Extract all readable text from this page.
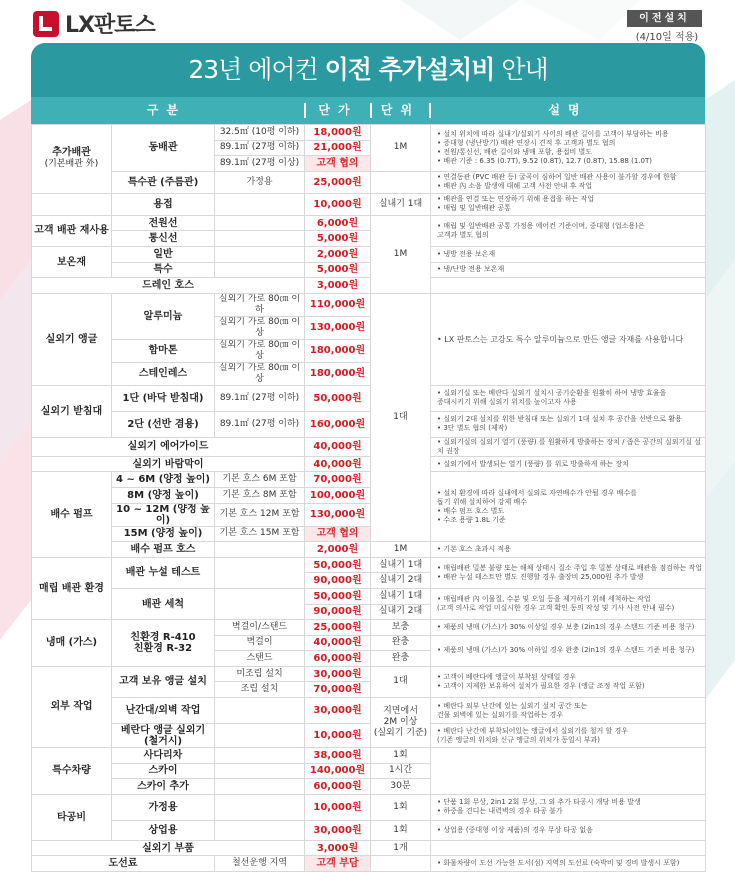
LX판토스	이전설치
(4/10일 적용)
23년 에어컨 이전 추가설치비 안내
구분	단가	단위	설명
추가배관
(기본배관 外)	동배관	32.5㎡ (10평 이하)	18,000원	1M	• 설치 위치에 따라 실내기/실외기 사이의 배관 길이를 고객이 부담하는 비용
• 증대형 (냉난방기) 배관 연장시 견적 후 고객과 별도 협의
• 전원/통신선, 배관 길이와 냉매 포함, 용접비 별도
• 배관 기준 : 6.35 (0.7T), 9.52 (0.8T), 12.7 (0.8T), 15.88 (1.0T)
		89.1㎡ (27평 이하)	21,000원		
		89.1㎡ (27평 이상)	고객 협의		
	특수관 (주름관)	가정용	25,000원		• 연결동관 (PVC 배관 등) 굴곡이 심하여 일반 배관 사용이 불가할 경우에 한함
• 배관 內 소음 발생에 대해 고객 사전 안내 후 작업
	용접		10,000원	실내기 1대	• 배관을 연결 또는 연장하기 위해 용접을 하는 작업
• 매립 및 일반배관 공통
고객 배관 재사용	전원선		6,000원	1M	• 매립 및 일반배관 공통 가정용 에어컨 기준이며, 중대형 (업소용)은
고객과 별도 협의
	통신선		5,000원		
보온재	일반		2,000원		• 냉방 전용 보온재
	특수		5,000원		• 냉/난방 전용 보온재
드레인 호스			3,000원		
실외기 앵글	알루미늄	실외기 가로 80㎝ 이하	110,000원	1대	• LX 판토스는 고강도 특수 알루미늄으로 만든 앵글 자재를 사용합니다
		실외기 가로 80㎝ 이상	130,000원		
	함마톤	실외기 가로 80㎝ 이상	180,000원		
	스테인레스	실외기 가로 80㎝ 이상	180,000원		
실외기 받침대	1단 (바닥 받침대)	89.1㎡ (27평 이하)	50,000원		• 실외기실 또는 베란다 실외기 설치시 공기순환을 원활히 하여 냉방 효율을
증대시키기 위해 실외기 위치를 높이고자 사용
	2단 (선반 겸용)	89.1㎡ (27평 이하)	160,000원		• 실외기 2대 설치를 위한 받침대 또는 실외기 1대 설치 후 공간을 선반으로 활용
• 3단 별도 협의 (제작)
실외기 에어가이드			40,000원		• 실외기실의 실외기 열기 (풍량) 를 원활하게 방출하는 장치 / 좁은 공간의 실외기실 설치 권장
실외기 바람막이			40,000원		• 실외기에서 발생되는 열기 (풍량) 를 위로 방출하게 하는 장치
배수 펌프	4 ~ 6M (양정 높이)	기본 호스 6M 포함	70,000원		• 설치 환경에 따라 실내에서 실외로 자연배수가 안될 경우 배수를
돕기 위해 설치하여 강제 배수
• 배수 펌프 호스 별도
• 수조 용량 1.8L 기준
	8M (양정 높이)	기본 호스 8M 포함	100,000원		
	10 ~ 12M (양정 높이)	기본 호스 12M 포함	130,000원		
	15M (양정 높이)	기본 호스 15M 포함	고객 협의		
	배수 펌프 호스		2,000원	1M	• 기본 호스 초과시 적용
매립 배관 환경	배관 누설 테스트		50,000원	실내기 1대	• 매립배관 밀봉 불량 또는 해체 상태시 질소 주입 후 밀봉 상태로 배관을 점검하는 작업
• 배관 누설 테스트만 별도 진행할 경우 출장비 25,000원 추가 발생
			90,000원	실내기 2대	
	배관 세척		50,000원	실내기 1대	• 매립배관 內 이물질, 수분 및 오일 등을 제거하기 위해 세척하는 작업
(고객 의사로 작업 미실시한 경우 고객 확인 동의 작성 및 기사 사전 안내 필수)
			90,000원	실내기 2대	
냉매 (가스)	친환경 R-410
친환경 R-32	벽걸이/스탠드	25,000원	보충	• 제품의 냉매 (가스)가 30% 이상일 경우 보충 (2in1의 경우 스탠드 기준 비용 청구)
		벽걸이	40,000원	완충	• 제품의 냉매 (가스)가 30% 이하일 경우 완충 (2in1의 경우 스탠드 기준 비용 청구)
		스탠드	60,000원	완충	
외부 작업	고객 보유 앵글 설치	미조립 설치	30,000원	1대	• 고객이 베란다에 앵글이 부착된 상태일 경우
• 고객이 지제한 보유하여 설치가 필요한 경우 (앵글 조정 작업 포함)
		조립 설치	70,000원		
	난간대/외벽 작업		30,000원	지면에서
2M 이상
(실외기 기준)	• 베란다 외부 난간에 있는 실외기 설치 공간 또는
건물 외벽에 있는 실외기를 작업하는 경우
	베란다 앵글 실외기 (철거시)		10,000원		• 베란다 난간에 부착되어있는 앵글에서 실외기를 철거 할 경우
(기존 앵글의 위치와 신규 앵글의 위치가 동일시 부과)
특수차량	사다리차		38,000원	1회	
	스카이		140,000원	1시간	
	스카이 추가		60,000원	30분	
타공비	가정용		10,000원	1회	• 단품 1회 무상, 2in1 2회 무상, 그 외 추가 타공시 개당 비용 발생
• 하중을 견디는 내력벽의 경우 타공 불가
	상업용		30,000원	1회	• 상업용 (중대형 이상 제품)의 경우 무상 타공 없음
실외기 부품			3,000원	1개	
도선료		철선운행 지역	고객 부담		• 화물차량이 도선 가능한 도서(섬) 지역의 도선료 (숙박비 및 경비 발생시 포함)
